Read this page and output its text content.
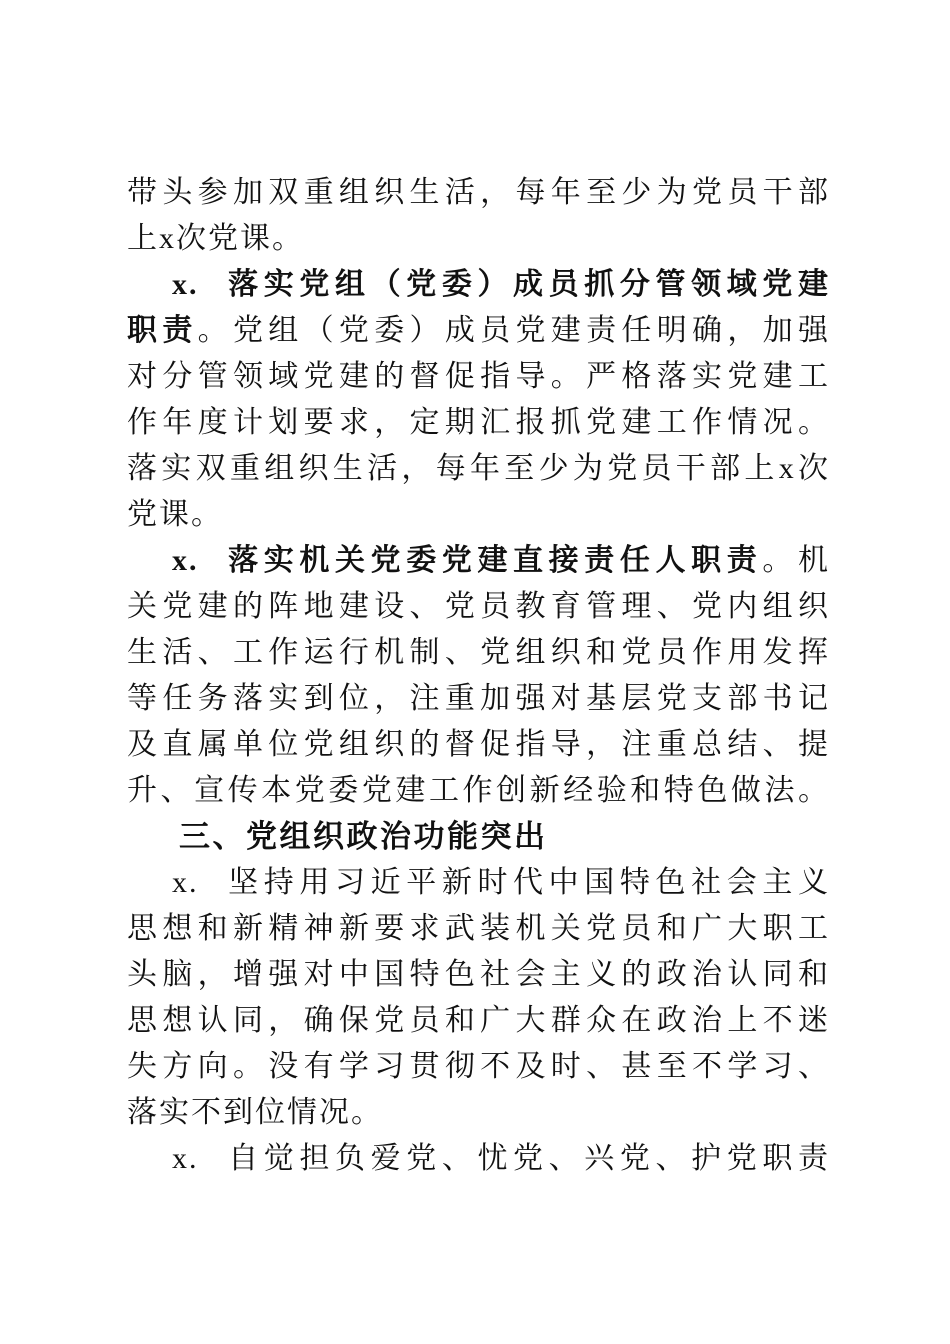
带头参加双重组织生活，每年至少为党员干部
上x次党课。
x. 落实党组（党委）成员抓分管领域党建
职责。党组（党委）成员党建责任明确，加强
对分管领域党建的督促指导。严格落实党建工
作年度计划要求，定期汇报抓党建工作情况。
落实双重组织生活，每年至少为党员干部上x次
党课。
x. 落实机关党委党建直接责任人职责。机
关党建的阵地建设、党员教育管理、党内组织
生活、工作运行机制、党组织和党员作用发挥
等任务落实到位，注重加强对基层党支部书记
及直属单位党组织的督促指导，注重总结、提
升、宣传本党委党建工作创新经验和特色做法。
三、党组织政治功能突出
x. 坚持用习近平新时代中国特色社会主义
思想和新精神新要求武装机关党员和广大职工
头脑，增强对中国特色社会主义的政治认同和
思想认同，确保党员和广大群众在政治上不迷
失方向。没有学习贯彻不及时、甚至不学习、
落实不到位情况。
x. 自觉担负爱党、忧党、兴党、护党职责
